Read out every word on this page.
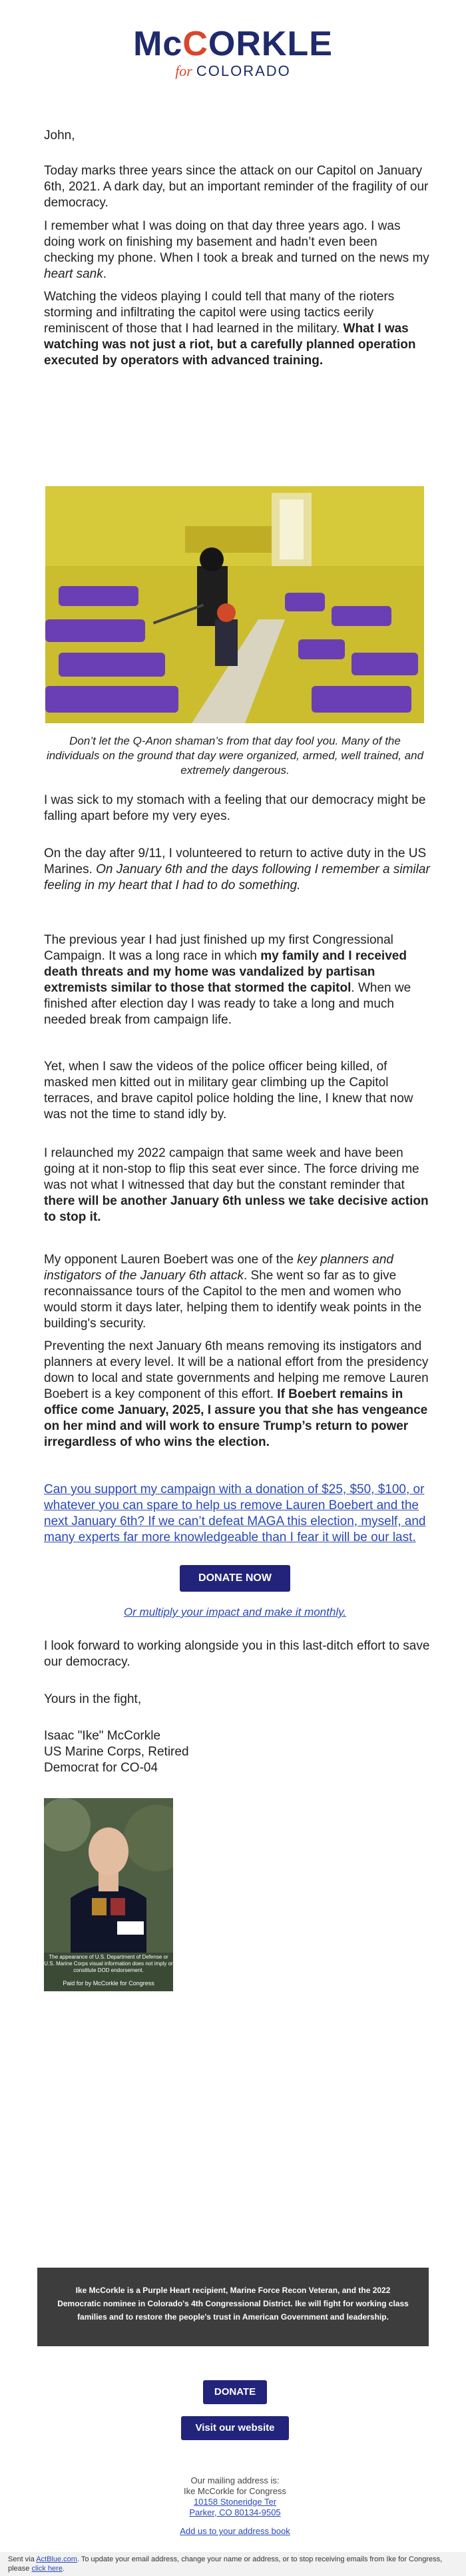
McCORKLE
for COLORADO

John,

Today marks three years since the attack on our Capitol on January 6th, 2021. A dark day, but an important reminder of the fragility of our democracy.

I remember what I was doing on that day three years ago. I was doing work on finishing my basement and hadn’t even been checking my phone. When I took a break and turned on the news my heart sank.

Watching the videos playing I could tell that many of the rioters storming and infiltrating the capitol were using tactics eerily reminiscent of those that I had learned in the military. What I was watching was not just a riot, but a carefully planned operation executed by operators with advanced training.

Don’t let the Q-Anon shaman’s from that day fool you. Many of the individuals on the ground that day were organized, armed, well trained, and extremely dangerous.

I was sick to my stomach with a feeling that our democracy might be falling apart before my very eyes.

On the day after 9/11, I volunteered to return to active duty in the US Marines. On January 6th and the days following I remember a similar feeling in my heart that I had to do something.

The previous year I had just finished up my first Congressional Campaign. It was a long race in which my family and I received death threats and my home was vandalized by partisan extremists similar to those that stormed the capitol. When we finished after election day I was ready to take a long and much needed break from campaign life.

Yet, when I saw the videos of the police officer being killed, of masked men kitted out in military gear climbing up the Capitol terraces, and brave capitol police holding the line, I knew that now was not the time to stand idly by.

I relaunched my 2022 campaign that same week and have been going at it non-stop to flip this seat ever since. The force driving me was not what I witnessed that day but the constant reminder that there will be another January 6th unless we take decisive action to stop it.

My opponent Lauren Boebert was one of the key planners and instigators of the January 6th attack. She went so far as to give reconnaissance tours of the Capitol to the men and women who would storm it days later, helping them to identify weak points in the building's security.

Preventing the next January 6th means removing its instigators and planners at every level. It will be a national effort from the presidency down to local and state governments and helping me remove Lauren Boebert is a key component of this effort. If Boebert remains in office come January, 2025, I assure you that she has vengeance on her mind and will work to ensure Trump’s return to power irregardless of who wins the election.

Can you support my campaign with a donation of $25, $50, $100, or whatever you can spare to help us remove Lauren Boebert and the next January 6th? If we can’t defeat MAGA this election, myself, and many experts far more knowledgeable than I fear it will be our last.

DONATE NOW

Or multiply your impact and make it monthly.

I look forward to working alongside you in this last-ditch effort to save our democracy.

Yours in the fight,

Isaac "Ike" McCorkle

US Marine Corps, Retired

Democrat for CO-04

The appearance of U.S. Department of Defense or U.S. Marine Corps visual information does not imply or constitute DOD endorsement.
Paid for by McCorkle for Congress
Ike McCorkle is a Purple Heart recipient, Marine Force Recon Veteran, and the 2022 Democratic nominee in Colorado's 4th Congressional District. Ike will fight for working class families and to restore the people's trust in American Government and leadership.
DONATE
Visit our website
Our mailing address is:
Ike McCorkle for Congress
10158 Stoneridge Ter
Parker, CO 80134-9505
Add us to your address book
Sent via ActBlue.com. To update your email address, change your name or address, or to stop receiving emails from Ike for Congress, please click here.
